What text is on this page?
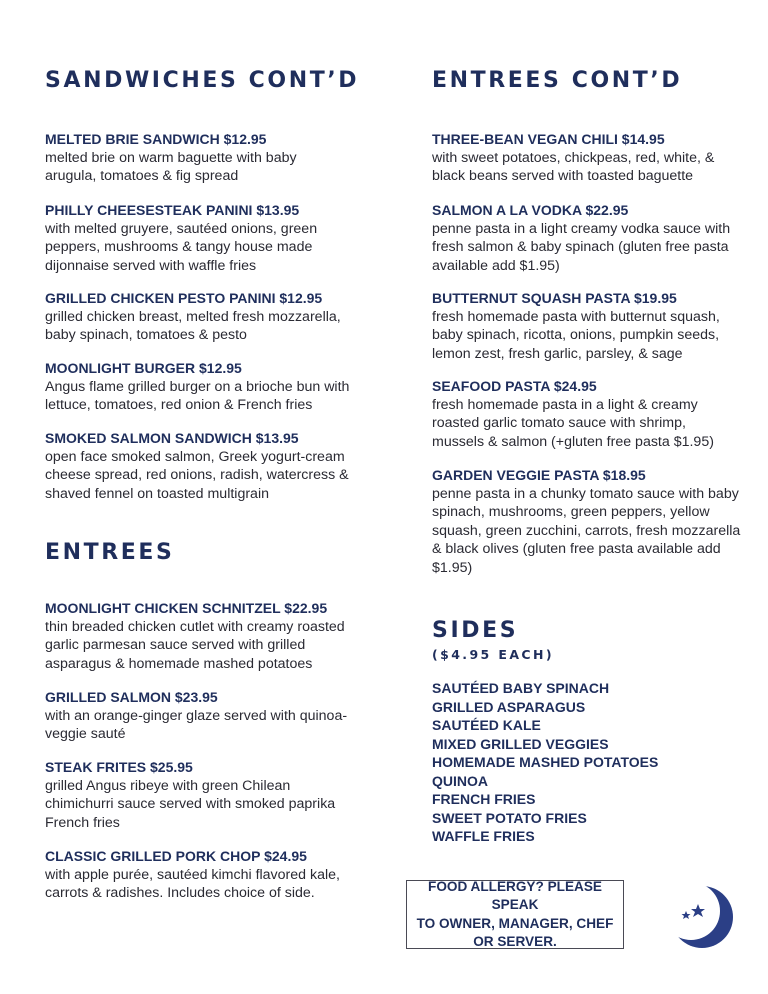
SANDWICHES CONT’D
MELTED BRIE SANDWICH $12.95
melted brie on warm baguette with baby
arugula, tomatoes & fig spread
PHILLY CHEESESTEAK PANINI $13.95
with melted gruyere, sautéed onions, green
peppers, mushrooms & tangy house made
dijonnaise served with waffle fries
GRILLED CHICKEN PESTO PANINI $12.95
grilled chicken breast, melted fresh mozzarella,
baby spinach, tomatoes & pesto
MOONLIGHT BURGER $12.95
Angus flame grilled burger on a brioche bun with
lettuce, tomatoes, red onion & French fries
SMOKED SALMON SANDWICH $13.95
open face smoked salmon, Greek yogurt-cream
cheese spread, red onions, radish, watercress &
shaved fennel on toasted multigrain
ENTREES
MOONLIGHT CHICKEN SCHNITZEL $22.95
thin breaded chicken cutlet with creamy roasted
garlic parmesan sauce served with grilled
asparagus & homemade mashed potatoes
GRILLED SALMON $23.95
with an orange-ginger glaze served with quinoa-
veggie sauté
STEAK FRITES $25.95
grilled Angus ribeye with green Chilean
chimichurri sauce served with smoked paprika
French fries
CLASSIC GRILLED PORK CHOP $24.95
with apple purée, sautéed kimchi flavored kale,
carrots & radishes. Includes choice of side.
ENTREES CONT’D
THREE-BEAN VEGAN CHILI $14.95
with sweet potatoes, chickpeas, red, white, &
black beans served with toasted baguette
SALMON A LA VODKA $22.95
penne pasta in a light creamy vodka sauce with
fresh salmon & baby spinach (gluten free pasta
available add $1.95)
BUTTERNUT SQUASH PASTA $19.95
fresh homemade pasta with butternut squash,
baby spinach, ricotta, onions, pumpkin seeds,
lemon zest, fresh garlic, parsley, & sage
SEAFOOD PASTA $24.95
fresh homemade pasta in a light & creamy
roasted garlic tomato sauce with shrimp,
mussels & salmon (+gluten free pasta $1.95)
GARDEN VEGGIE PASTA $18.95
penne pasta in a chunky tomato sauce with baby
spinach, mushrooms, green peppers, yellow
squash, green zucchini, carrots, fresh mozzarella
& black olives (gluten free pasta available add
$1.95)
SIDES
($4.95 EACH)
SAUTÉED BABY SPINACH
GRILLED ASPARAGUS
SAUTÉED KALE
MIXED GRILLED VEGGIES
HOMEMADE MASHED POTATOES
QUINOA
FRENCH FRIES
SWEET POTATO FRIES
WAFFLE FRIES
FOOD ALLERGY? PLEASE SPEAK
TO OWNER, MANAGER, CHEF
OR SERVER.
